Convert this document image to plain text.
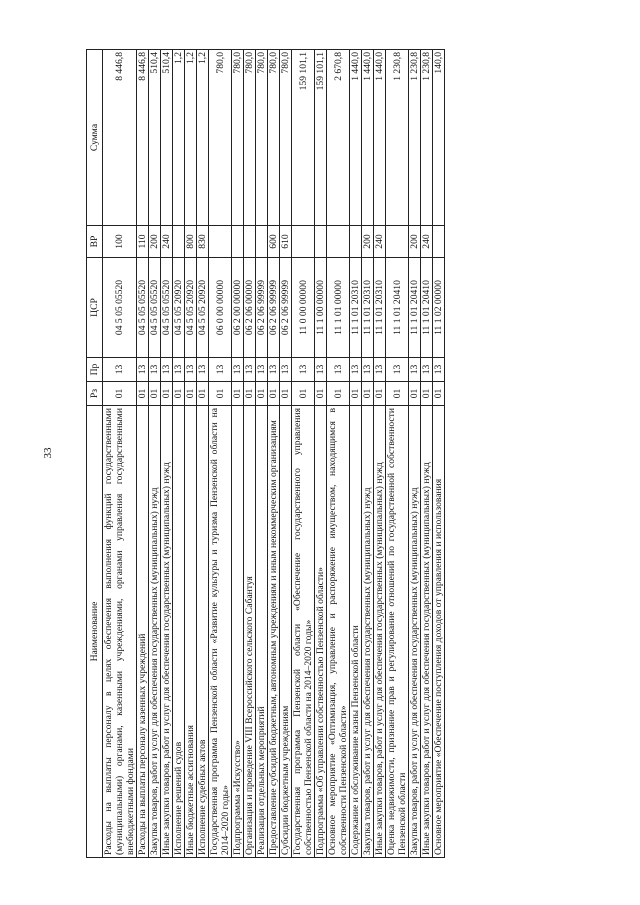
33
Наименование	Рз	Пр	ЦСР	ВР	Сумма
Расходы на выплаты персоналу в целях обеспечения выполнения функций государственными (муниципальными) органами, казенными учреждениями, органами управления государственными внебюджетными фондами	01	13	04 5 05 05520	100	8 446,8
Расходы на выплаты персоналу казенных учреждений	01	13	04 5 05 05520	110	8 446,8
Закупка товаров, работ и услуг для обеспечения государственных (муниципальных) нужд	01	13	04 5 05 05520	200	510,4
Иные закупки товаров, работ и услуг для обеспечения государственных (муниципальных) нужд	01	13	04 5 05 05520	240	510,4
Исполнение решений судов	01	13	04 5 05 20920		1,2
Иные бюджетные ассигнования	01	13	04 5 05 20920	800	1,2
Исполнение судебных актов	01	13	04 5 05 20920	830	1,2
Государственная программа Пензенской области «Развитие культуры и туризма Пензенской области на 2014–2020 годы»	01	13	06 0 00 00000		780,0
Подпрограмма «Искусство»	01	13	06 2 00 00000		780,0
Организация и проведение VIII Всероссийского сельского Сабантуя	01	13	06 2 06 00000		780,0
Реализация отдельных мероприятий	01	13	06 2 06 99999		780,0
Предоставление субсидий бюджетным, автономным учреждениям и иным некоммерческим организациям	01	13	06 2 06 99999	600	780,0
Субсидии бюджетным учреждениям	01	13	06 2 06 99999	610	780,0
Государственная программа Пензенской области «Обеспечение государственного управления собственностью Пензенской области на 2014–2020 годы»	01	13	11 0 00 00000		159 101,1
Подпрограмма «Об управлении собственностью Пензенской области»	01	13	11 1 00 00000		159 101,1
Основное мероприятие «Оптимизация, управление и распоряжение имуществом, находящимся в собственности Пензенской области»	01	13	11 1 01 00000		2 670,8
Содержание и обслуживание казны Пензенской области	01	13	11 1 01 20310		1 440,0
Закупка товаров, работ и услуг для обеспечения государственных (муниципальных) нужд	01	13	11 1 01 20310	200	1 440,0
Иные закупки товаров, работ и услуг для обеспечения государственных (муниципальных) нужд	01	13	11 1 01 20310	240	1 440,0
Оценка недвижимости, признание прав и регулирование отношений по государственной собственности Пензенской области	01	13	11 1 01 20410		1 230,8
Закупка товаров, работ и услуг для обеспечения государственных (муниципальных) нужд	01	13	11 1 01 20410	200	1 230,8
Иные закупки товаров, работ и услуг для обеспечения государственных (муниципальных) нужд	01	13	11 1 01 20410	240	1 230,8
Основное мероприятие «Обеспечение поступления доходов от управления и использования	01	13	11 1 02 00000		140,0
